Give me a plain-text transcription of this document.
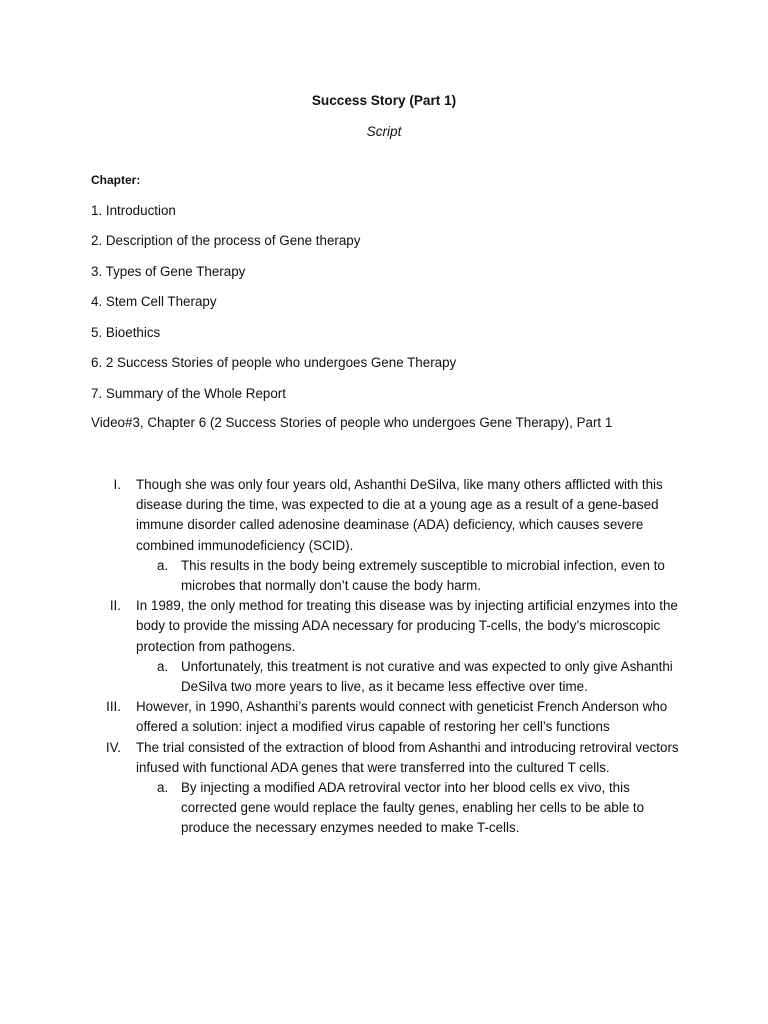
Success Story (Part 1)
Script
Chapter:
1. Introduction
2. Description of the process of Gene therapy
3. Types of Gene Therapy
4. Stem Cell Therapy
5. Bioethics
6. 2 Success Stories of people who undergoes Gene Therapy
7. Summary of the Whole Report
Video#3, Chapter 6 (2 Success Stories of people who undergoes Gene Therapy), Part 1
I. Though she was only four years old, Ashanthi DeSilva, like many others afflicted with this disease during the time, was expected to die at a young age as a result of a gene-based immune disorder called adenosine deaminase (ADA) deficiency, which causes severe combined immunodeficiency (SCID).
a. This results in the body being extremely susceptible to microbial infection, even to microbes that normally don’t cause the body harm.
II. In 1989, the only method for treating this disease was by injecting artificial enzymes into the body to provide the missing ADA necessary for producing T-cells, the body’s microscopic protection from pathogens.
a. Unfortunately, this treatment is not curative and was expected to only give Ashanthi DeSilva two more years to live, as it became less effective over time.
III. However, in 1990, Ashanthi’s parents would connect with geneticist French Anderson who offered a solution: inject a modified virus capable of restoring her cell’s functions
IV. The trial consisted of the extraction of blood from Ashanthi and introducing retroviral vectors infused with functional ADA genes that were transferred into the cultured T cells.
a. By injecting a modified ADA retroviral vector into her blood cells ex vivo, this corrected gene would replace the faulty genes, enabling her cells to be able to produce the necessary enzymes needed to make T-cells.
